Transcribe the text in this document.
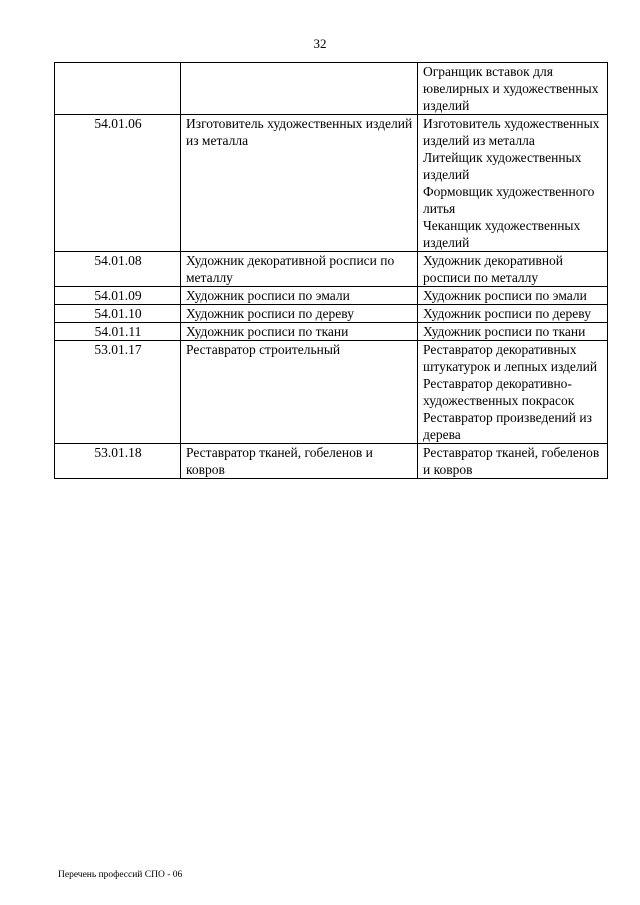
32

		Огранщик вставок для ювелирных и художественных изделий

54.01.06	Изготовитель художественных изделий из металла	Изготовитель художественных изделий из металла
Литейщик художественных изделий
Формовщик художественного литья
Чеканщик художественных изделий

54.01.08	Художник декоративной росписи по металлу	Художник декоративной росписи по металлу

54.01.09	Художник росписи по эмали	Художник росписи по эмали

54.01.10	Художник росписи по дереву	Художник росписи по дереву

54.01.11	Художник росписи по ткани	Художник росписи по ткани

53.01.17	Реставратор строительный	Реставратор декоративных штукатурок и лепных изделий
Реставратор декоративно-художественных покрасок
Реставратор произведений из дерева

53.01.18	Реставратор тканей, гобеленов и ковров	Реставратор тканей, гобеленов и ковров
Перечень профессий СПО - 06
